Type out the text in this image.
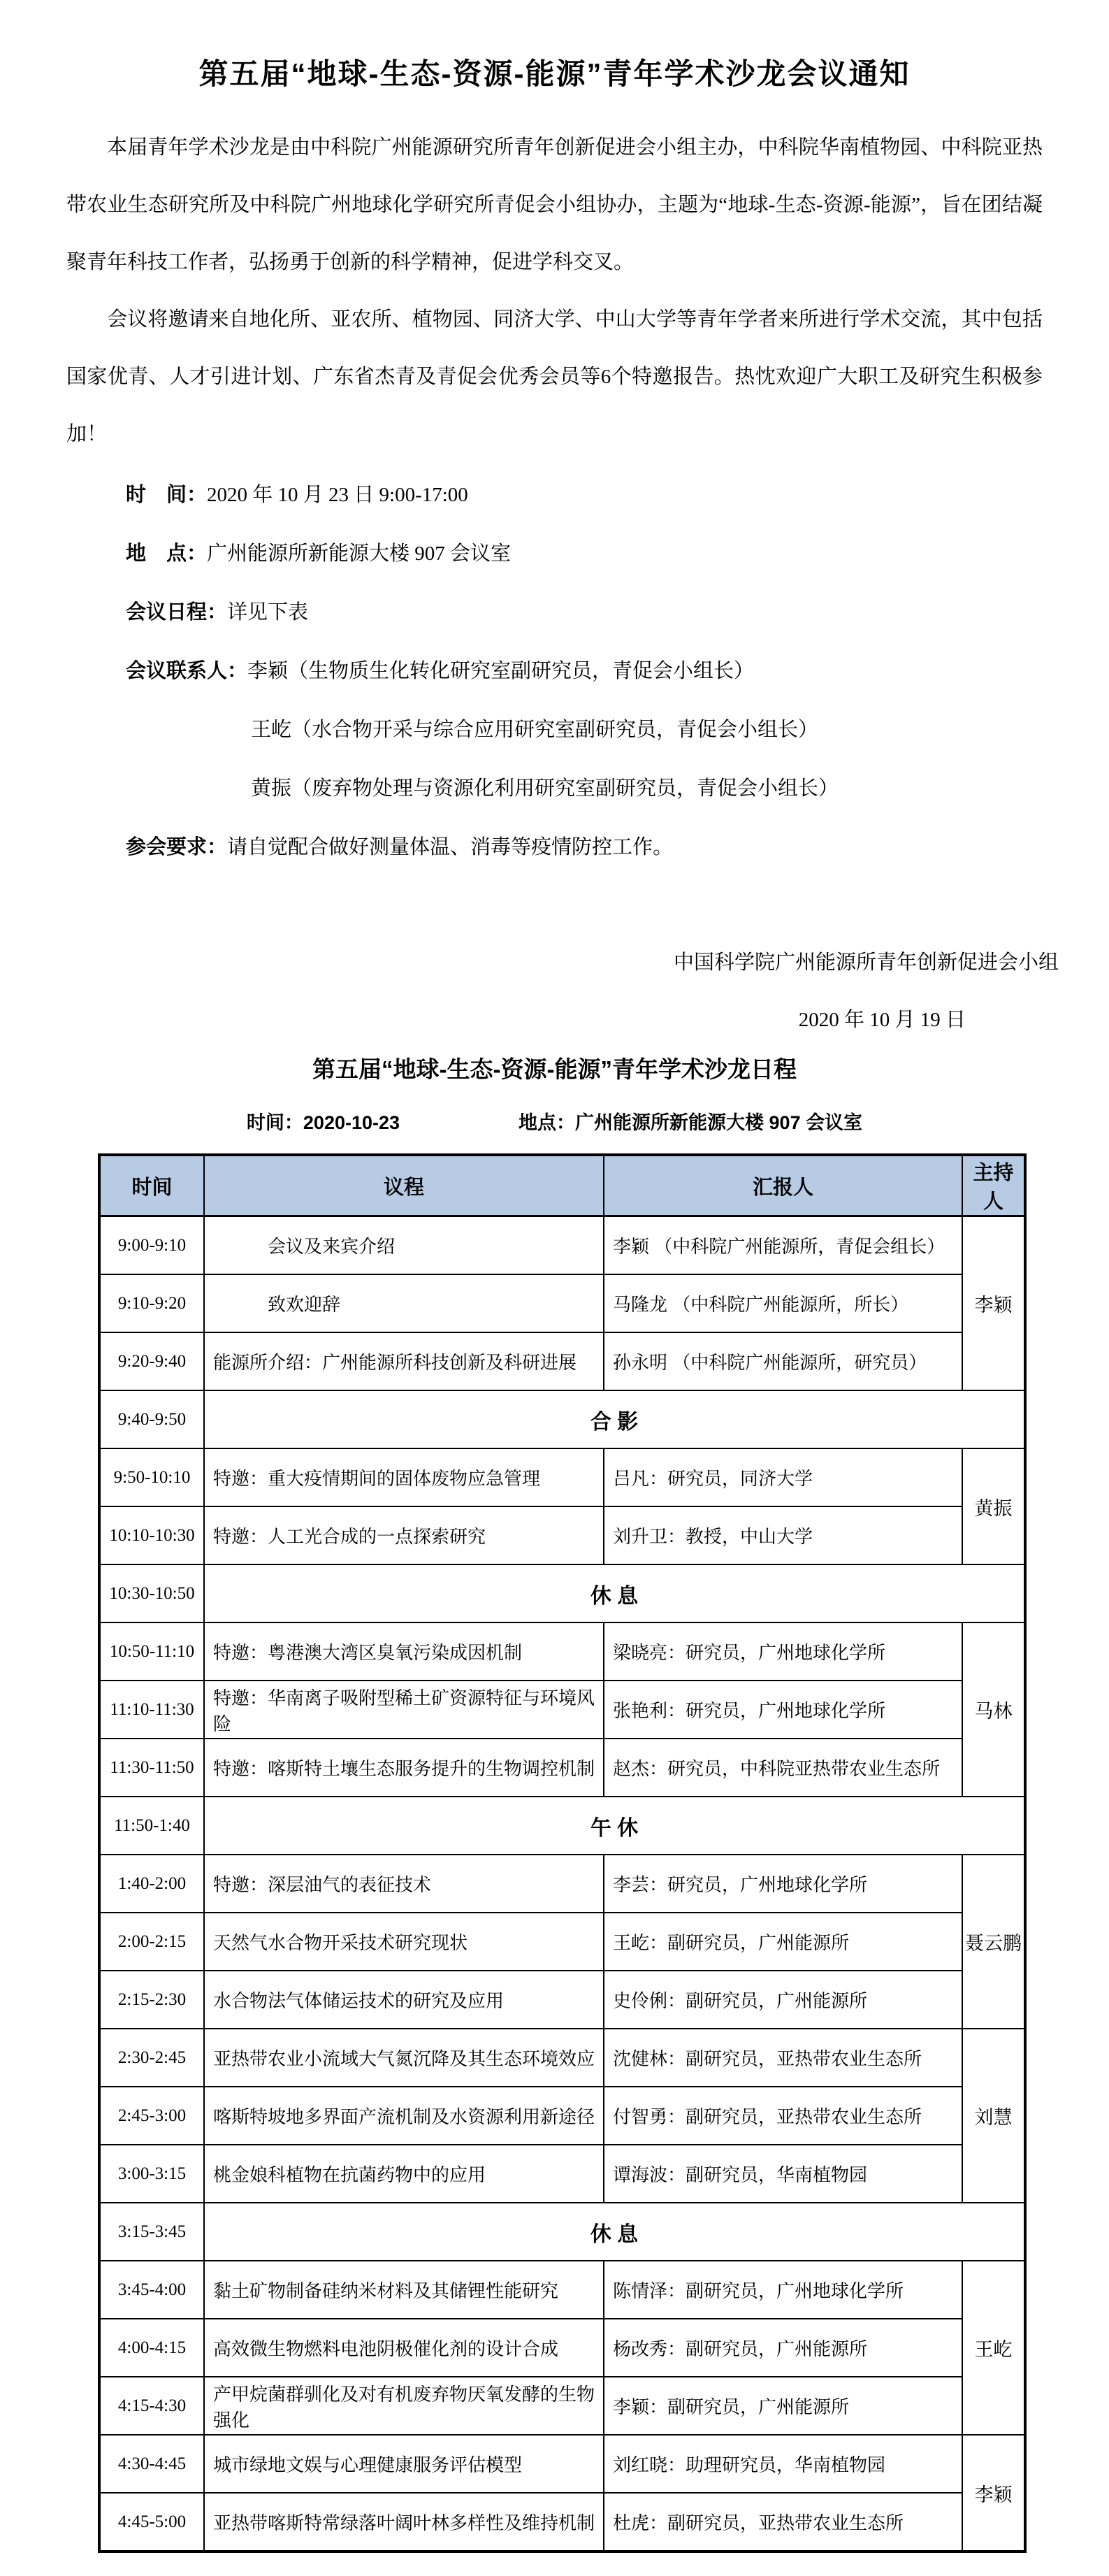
第五届“地球-生态-资源-能源”青年学术沙龙会议通知

本届青年学术沙龙是由中科院广州能源研究所青年创新促进会小组主办，中科院华南植物园、中科院亚热带农业生态研究所及中科院广州地球化学研究所青促会小组协办，主题为“地球-生态-资源-能源”，旨在团结凝聚青年科技工作者，弘扬勇于创新的科学精神，促进学科交叉。

会议将邀请来自地化所、亚农所、植物园、同济大学、中山大学等青年学者来所进行学术交流，其中包括国家优青、人才引进计划、广东省杰青及青促会优秀会员等6个特邀报告。热忱欢迎广大职工及研究生积极参加！

时　间：2020 年 10 月 23 日 9:00-17:00
地　点：广州能源所新能源大楼 907 会议室
会议日程：详见下表
会议联系人：李颖（生物质生化转化研究室副研究员，青促会小组长）
王屹（水合物开采与综合应用研究室副研究员，青促会小组长）
黄振（废弃物处理与资源化利用研究室副研究员，青促会小组长）
参会要求：请自觉配合做好测量体温、消毒等疫情防控工作。
中国科学院广州能源所青年创新促进会小组
2020 年 10 月 19 日
第五届“地球-生态-资源-能源”青年学术沙龙日程
时间：2020-10-23	地点：广州能源所新能源大楼 907 会议室
时间	议程	汇报人	主持人
9:00-9:10	　　　会议及来宾介绍	李颖 （中科院广州能源所，青促会组长）	李颖
9:10-9:20	　　　致欢迎辞	马隆龙 （中科院广州能源所，所长）	
9:20-9:40	能源所介绍：广州能源所科技创新及科研进展	孙永明 （中科院广州能源所，研究员）	
9:40-9:50	合 影		
9:50-10:10	特邀：重大疫情期间的固体废物应急管理	吕凡：研究员，同济大学	黄振
10:10-10:30	特邀：人工光合成的一点探索研究	刘升卫：教授，中山大学	
10:30-10:50	休 息		
10:50-11:10	特邀：粤港澳大湾区臭氧污染成因机制	梁晓亮：研究员，广州地球化学所	马林
11:10-11:30	特邀：华南离子吸附型稀土矿资源特征与环境风险	张艳利：研究员，广州地球化学所	
11:30-11:50	特邀：喀斯特土壤生态服务提升的生物调控机制	赵杰：研究员，中科院亚热带农业生态所	
11:50-1:40	午 休		
1:40-2:00	特邀：深层油气的表征技术	李芸：研究员，广州地球化学所	聂云鹏
2:00-2:15	天然气水合物开采技术研究现状	王屹：副研究员，广州能源所	
2:15-2:30	水合物法气体储运技术的研究及应用	史伶俐：副研究员，广州能源所	
2:30-2:45	亚热带农业小流域大气氮沉降及其生态环境效应	沈健林：副研究员，亚热带农业生态所	刘慧
2:45-3:00	喀斯特坡地多界面产流机制及水资源利用新途径	付智勇：副研究员，亚热带农业生态所	
3:00-3:15	桃金娘科植物在抗菌药物中的应用	谭海波：副研究员，华南植物园	
3:15-3:45	休 息		
3:45-4:00	黏土矿物制备硅纳米材料及其储锂性能研究	陈情泽：副研究员，广州地球化学所	王屹
4:00-4:15	高效微生物燃料电池阴极催化剂的设计合成	杨改秀：副研究员，广州能源所	
4:15-4:30	产甲烷菌群驯化及对有机废弃物厌氧发酵的生物强化	李颖：副研究员，广州能源所	
4:30-4:45	城市绿地文娱与心理健康服务评估模型	刘红晓：助理研究员，华南植物园	李颖
4:45-5:00	亚热带喀斯特常绿落叶阔叶林多样性及维持机制	杜虎：副研究员，亚热带农业生态所	
